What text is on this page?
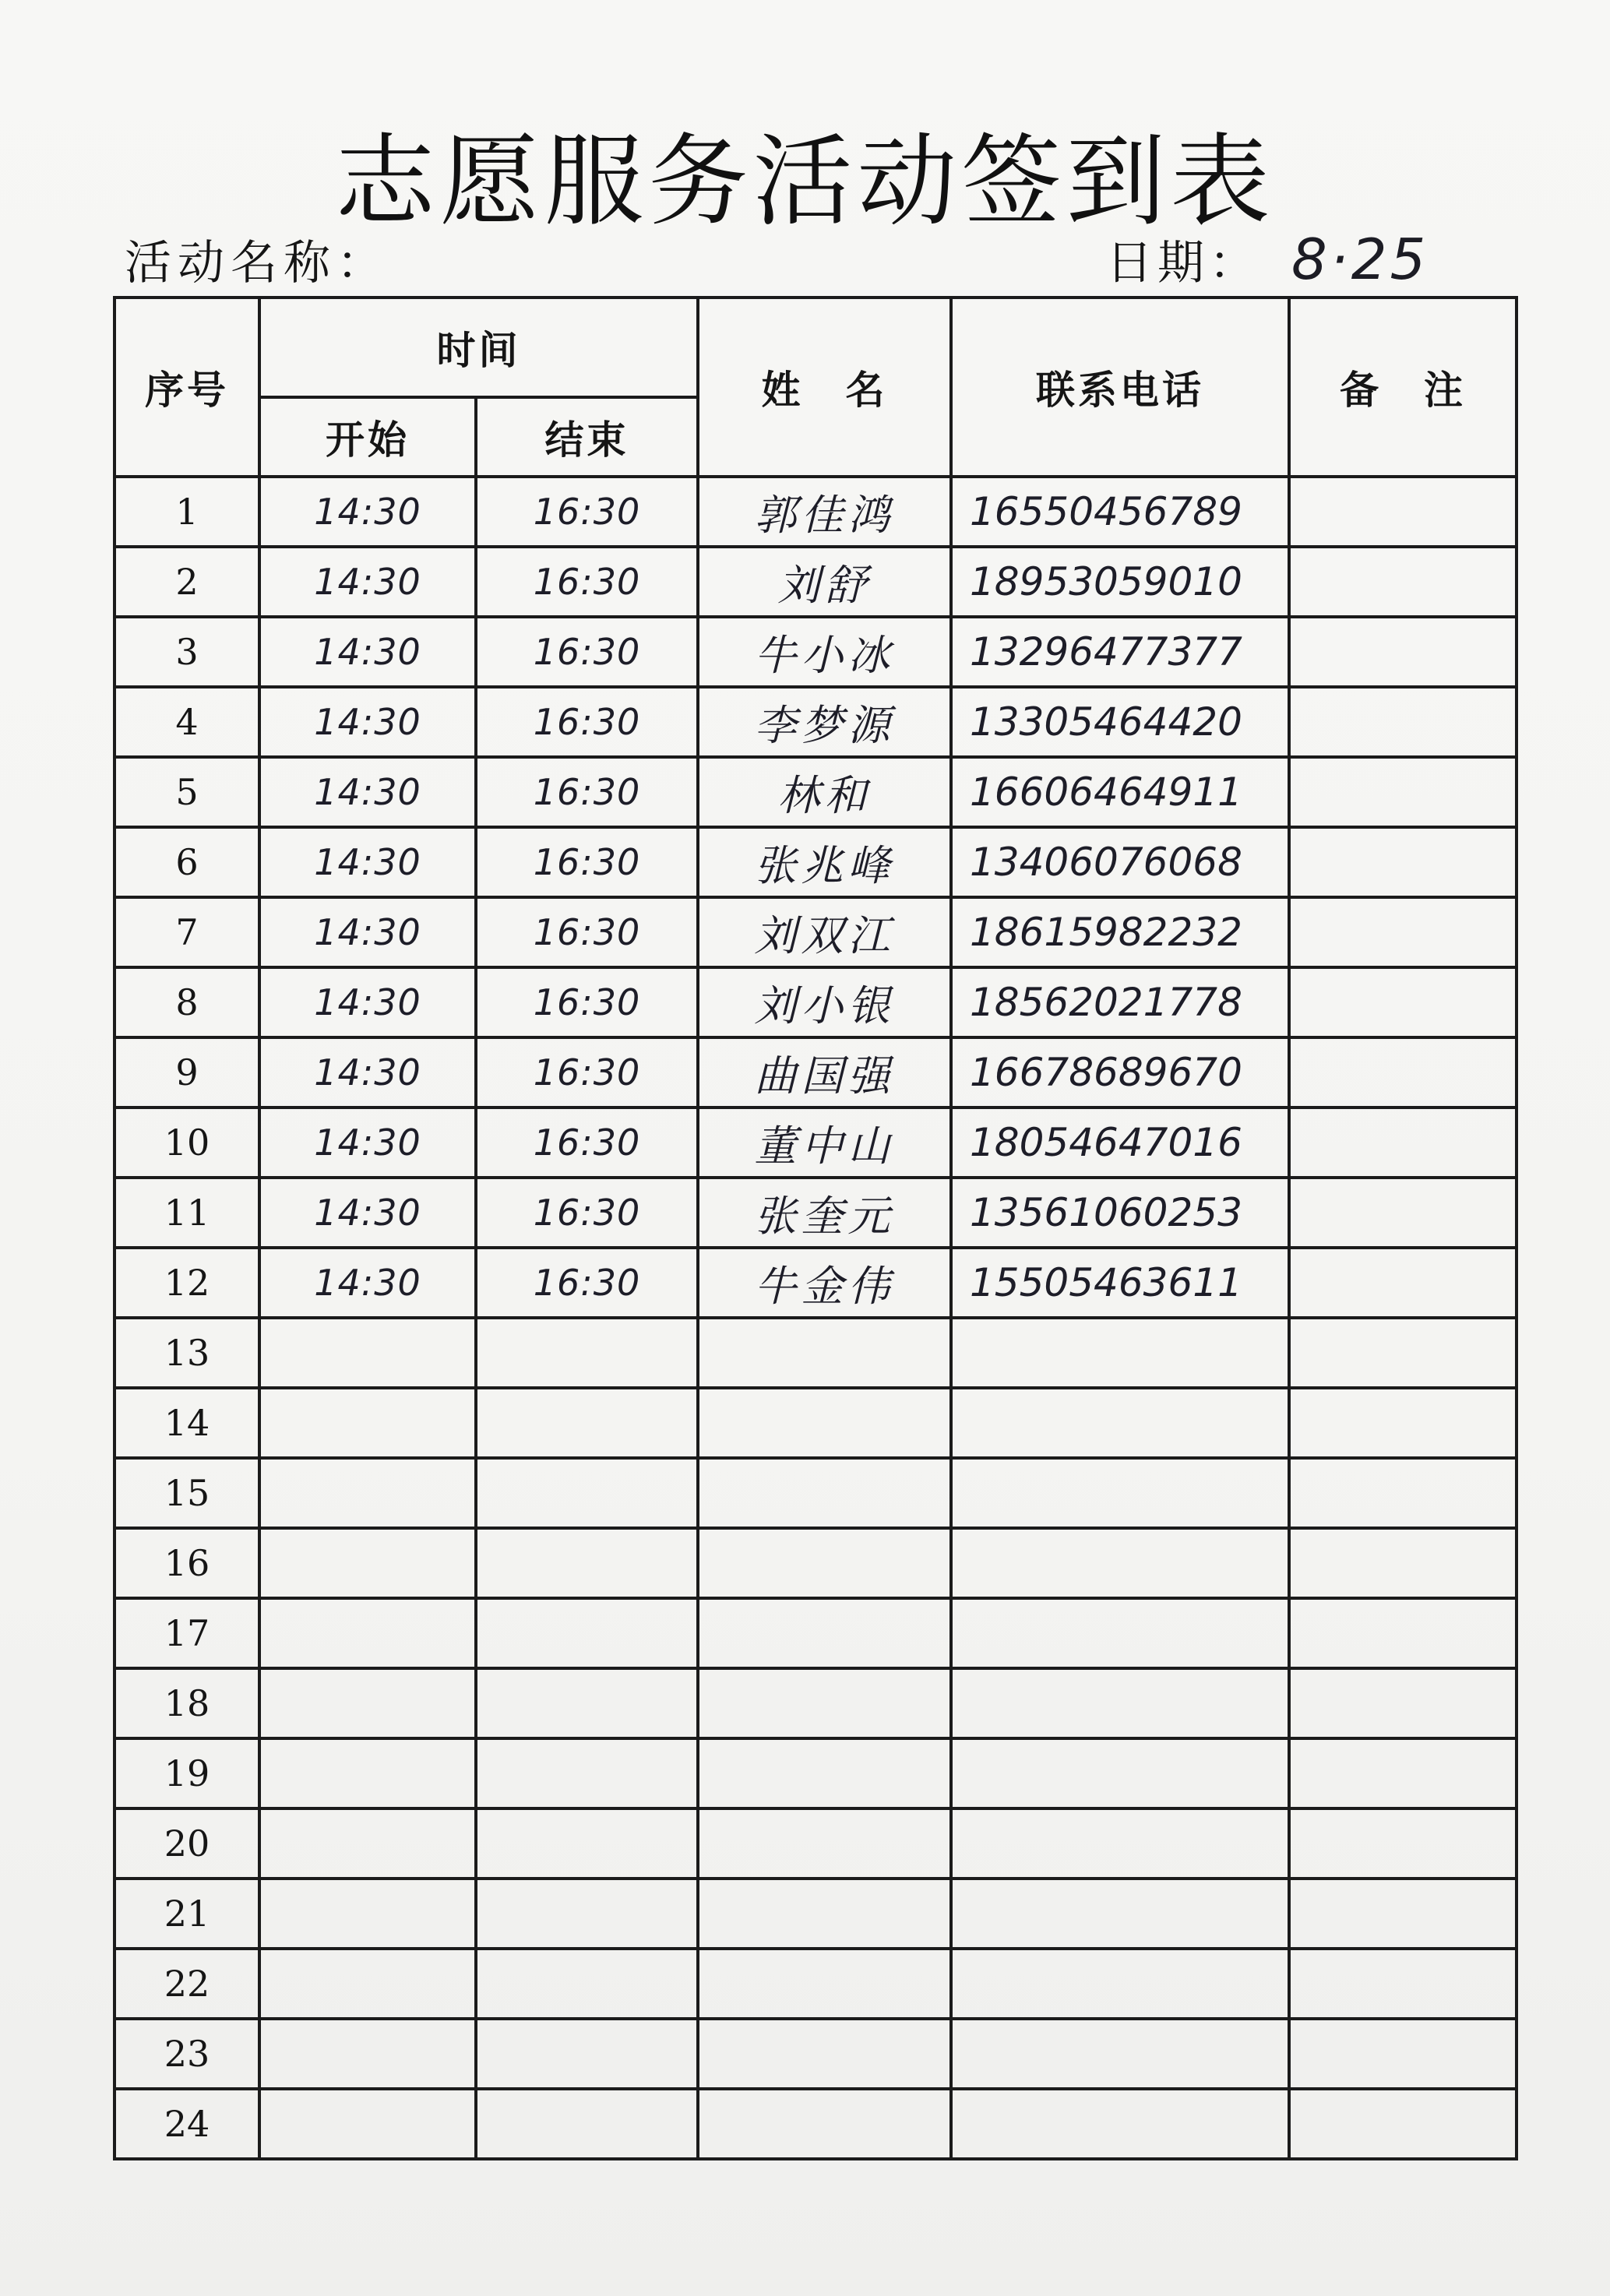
志愿服务活动签到表
活动名称：	日期： 8·25
序号	时间		姓　名	联系电话	备　注
	开始	结束			
1	14:30	16:30	郭佳鸿	16550456789	
2	14:30	16:30	刘舒	18953059010	
3	14:30	16:30	牛小冰	13296477377	
4	14:30	16:30	李梦源	13305464420	
5	14:30	16:30	林和	16606464911	
6	14:30	16:30	张兆峰	13406076068	
7	14:30	16:30	刘双江	18615982232	
8	14:30	16:30	刘小银	18562021778	
9	14:30	16:30	曲国强	16678689670	
10	14:30	16:30	董中山	18054647016	
11	14:30	16:30	张奎元	13561060253	
12	14:30	16:30	牛金伟	15505463611	
13					
14					
15					
16					
17					
18					
19					
20					
21					
22					
23					
24					
